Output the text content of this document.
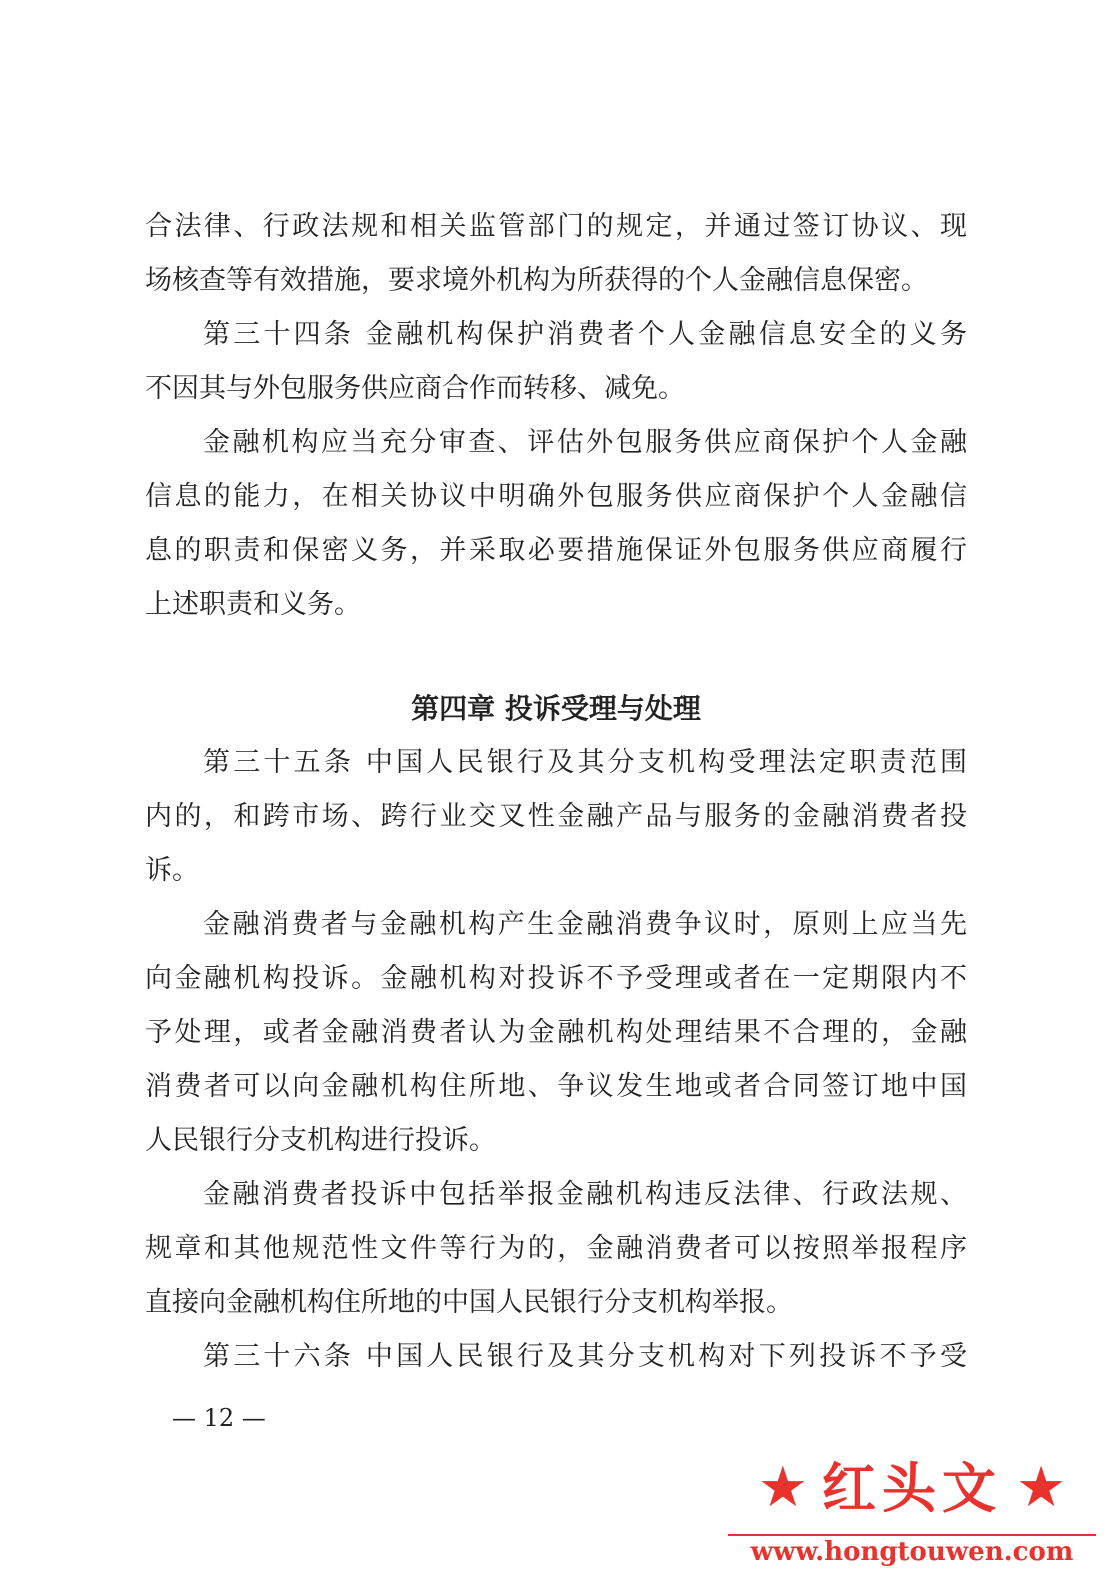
合法律、行政法规和相关监管部门的规定，并通过签订协议、现
场核查等有效措施，要求境外机构为所获得的个人金融信息保密。
第三十四条 金融机构保护消费者个人金融信息安全的义务
不因其与外包服务供应商合作而转移、减免。
金融机构应当充分审查、评估外包服务供应商保护个人金融
信息的能力，在相关协议中明确外包服务供应商保护个人金融信
息的职责和保密义务，并采取必要措施保证外包服务供应商履行
上述职责和义务。
第四章 投诉受理与处理
第三十五条 中国人民银行及其分支机构受理法定职责范围
内的，和跨市场、跨行业交叉性金融产品与服务的金融消费者投
诉。
金融消费者与金融机构产生金融消费争议时，原则上应当先
向金融机构投诉。金融机构对投诉不予受理或者在一定期限内不
予处理，或者金融消费者认为金融机构处理结果不合理的，金融
消费者可以向金融机构住所地、争议发生地或者合同签订地中国
人民银行分支机构进行投诉。
金融消费者投诉中包括举报金融机构违反法律、行政法规、
规章和其他规范性文件等行为的，金融消费者可以按照举报程序
直接向金融机构住所地的中国人民银行分支机构举报。
第三十六条 中国人民银行及其分支机构对下列投诉不予受
— 12 —
★ 红头文 ★
www.hongtouwen.com
